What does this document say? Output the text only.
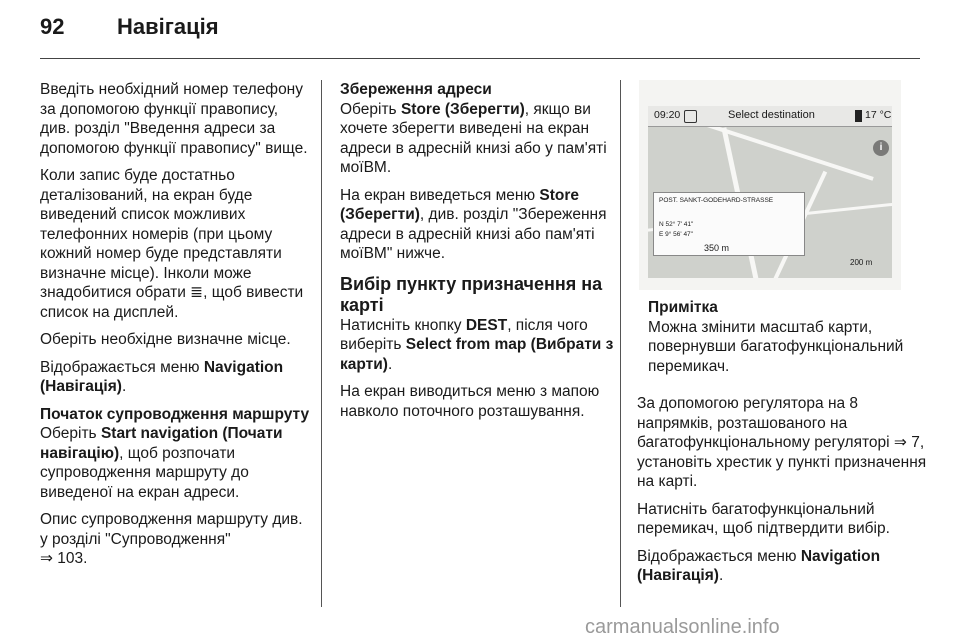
92 Навігація

Введіть необхідний номер телефону за допомогою функції правопису, див. розділ "Введення адреси за допомогою функції правопису" вище.

Коли запис буде достатньо деталізований, на екран буде виведений список можливих телефонних номерів (при цьому кожний номер буде представляти визначне місце). Інколи може знадобитися обрати ≣, щоб вивести список на дисплей.

Оберіть необхідне визначне місце.

Відображається меню Navigation (Навігація).

Початок супроводження маршруту

Оберіть Start navigation (Почати навігацію), щоб розпочати супроводження маршруту до виведеної на екран адреси.

Опис супроводження маршруту див. у розділі "Супроводження"
⇒ 103.

Збереження адреси

Оберіть Store (Зберегти), якщо ви хочете зберегти виведені на екран адреси в адресній книзі або у пам'яті моїВМ.

На екран виведеться меню Store (Зберегти), див. розділ "Збереження адреси в адресній книзі або пам'яті моїВМ" нижче.

Вибір пункту призначення на карті

Натисніть кнопку DEST, після чого виберіть Select from map (Вибрати з карти).

На екран виводиться меню з мапою навколо поточного розташування.

09:20	Select destination	17 °C
i
POST. SANKT-GODEHARD-STRASSE
N 52° 7' 41"
E 9° 56' 47"
350 m
200 m
Примітка
Можна змінити масштаб карти, повернувши багатофункціональний перемикач.

За допомогою регулятора на 8 напрямків, розташованого на багатофункціональному регуляторі ⇒ 7, установіть хрестик у пункті призначення на карті.

Натисніть багатофункціональний перемикач, щоб підтвердити вибір.

Відображається меню Navigation (Навігація).

carmanualsonline.info
